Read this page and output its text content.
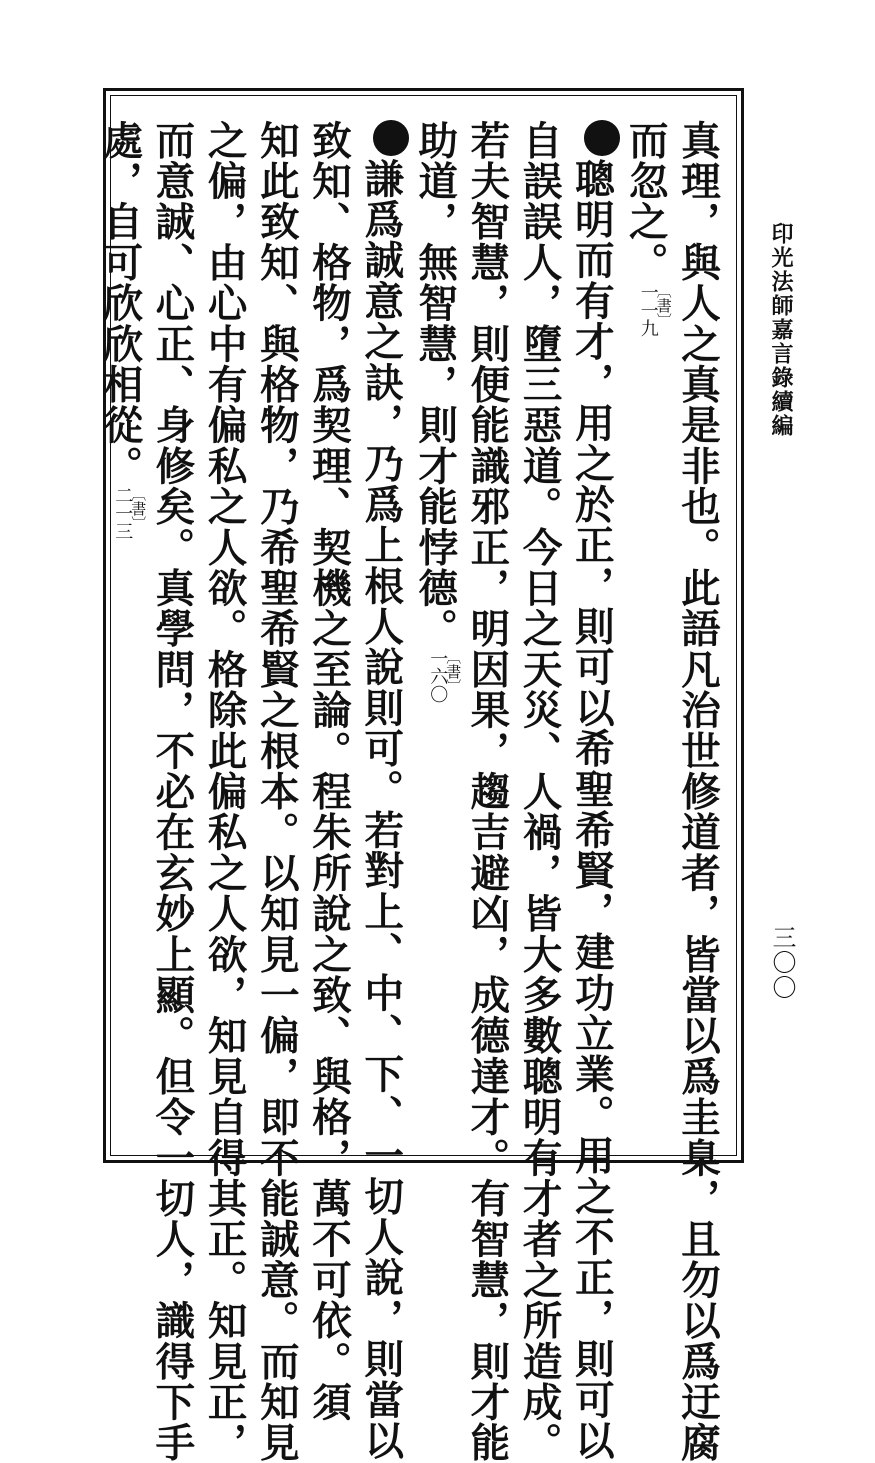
印光法師嘉言錄續編
三〇〇
真理，與人之真是非也。此語凡治世修道者，皆當以爲圭臬，且勿以爲迂腐
而忽之。
〔書〕
一一九
聰明而有才，用之於正，則可以希聖希賢，建功立業。用之不正，則可以
自誤誤人，墮三惡道。今日之天災、人禍，皆大多數聰明有才者之所造成。
若夫智慧，則便能識邪正，明因果，趨吉避凶，成德達才。有智慧，則才能
助道，無智慧，則才能悖德。
〔書〕
一六〇
謙爲誠意之訣，乃爲上根人說則可。若對上、中、下、一切人說，則當以
致知、格物，爲契理、契機之至論。程朱所說之致、與格，萬不可依。須
知此致知、與格物，乃希聖希賢之根本。以知見一偏，即不能誠意。而知見
之偏，由心中有偏私之人欲。格除此偏私之人欲，知見自得其正。知見正，
而意誠、心正、身修矣。真學問，不必在玄妙上顯。但令一切人，識得下手
處，自可欣欣相從。
〔書〕
二一三
